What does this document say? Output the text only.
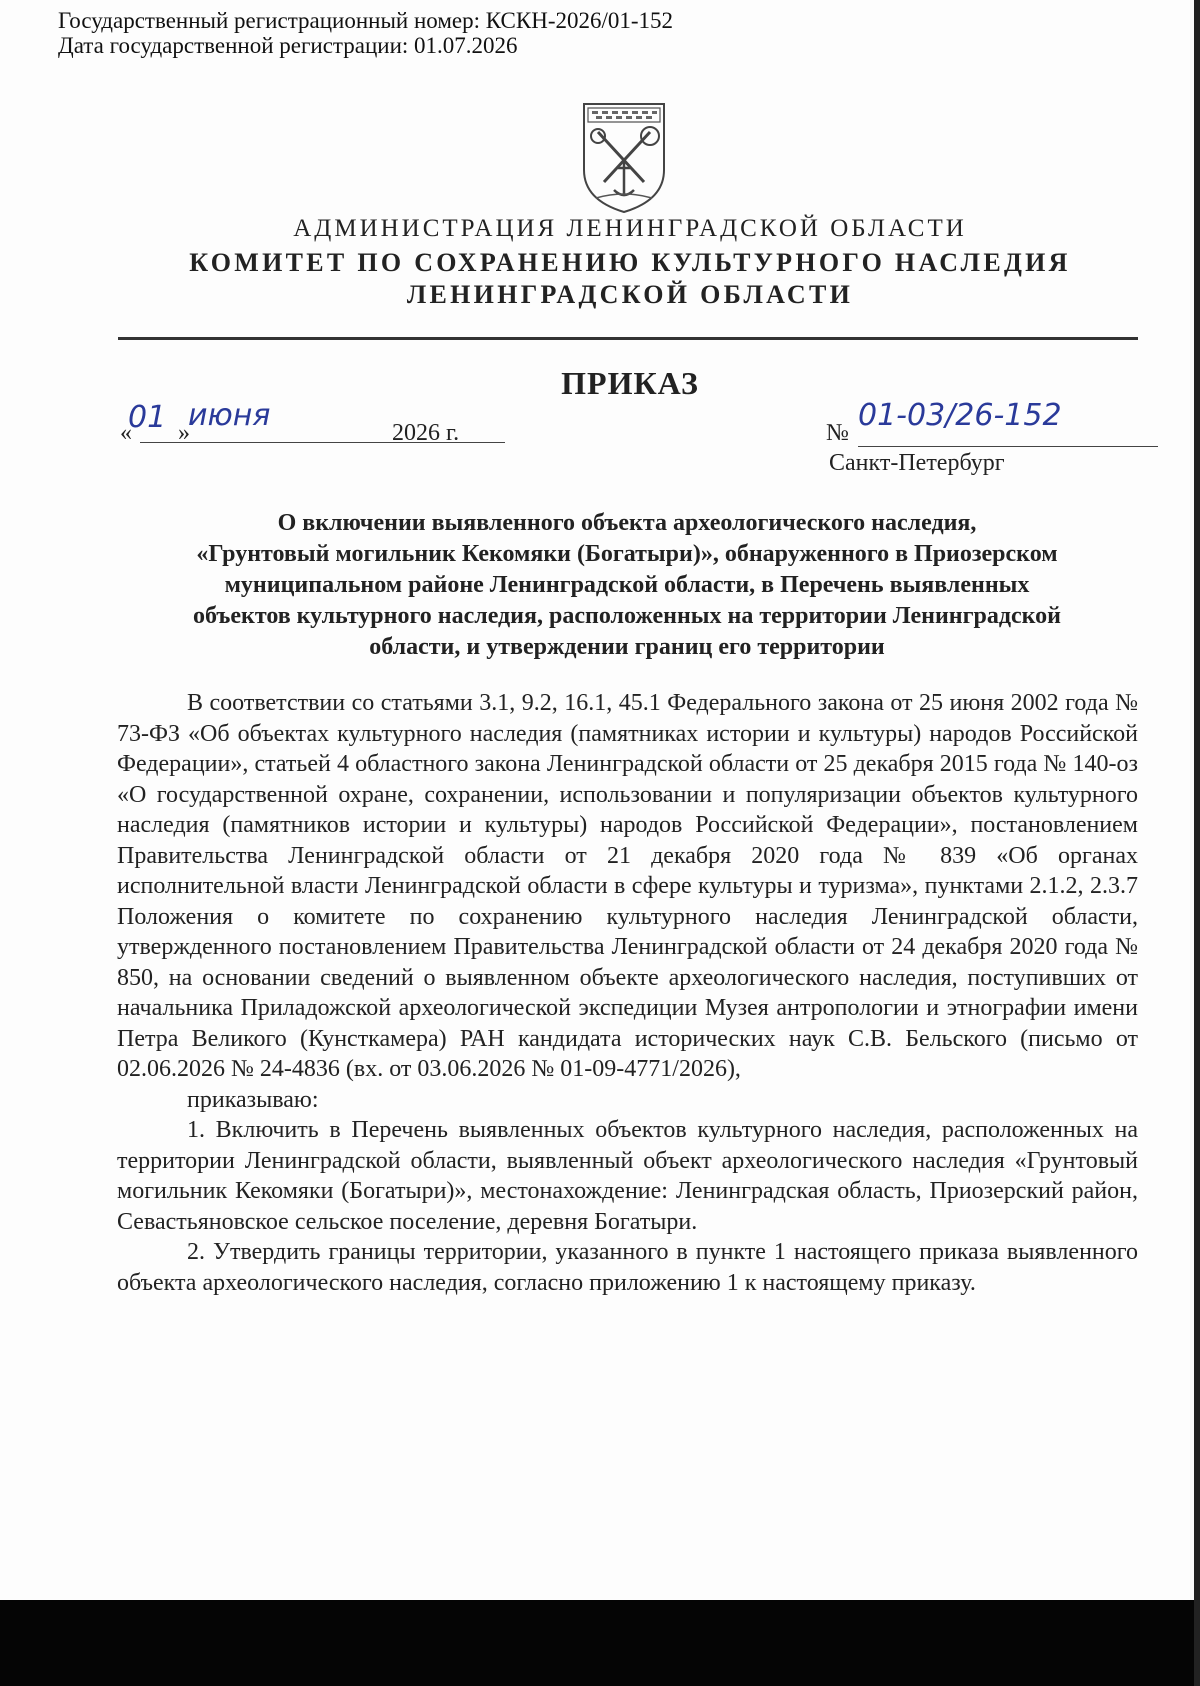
Государственный регистрационный номер: КСКН-2026/01-152
Дата государственной регистрации: 01.07.2026
АДМИНИСТРАЦИЯ ЛЕНИНГРАДСКОЙ ОБЛАСТИ
КОМИТЕТ ПО СОХРАНЕНИЮ КУЛЬТУРНОГО НАСЛЕДИЯ
ЛЕНИНГРАДСКОЙ ОБЛАСТИ
ПРИКАЗ
«
01 »
июня	2026 г.	№ 01-03/26-152
Санкт-Петербург
О включении выявленного объекта археологического наследия,
«Грунтовый могильник Кекомяки (Богатыри)», обнаруженного в Приозерском
муниципальном районе Ленинградской области, в Перечень выявленных
объектов культурного наследия, расположенных на территории Ленинградской
области, и утверждении границ его территории

В соответствии со статьями 3.1, 9.2, 16.1, 45.1 Федерального закона от 25 июня 2002 года № 73-ФЗ «Об объектах культурного наследия (памятниках истории и культуры) народов Российской Федерации», статьей 4 областного закона Ленинградской области от 25 декабря 2015 года № 140-оз «О государственной охране, сохранении, использовании и популяризации объектов культурного наследия (памятников истории и культуры) народов Российской Федерации», постановлением Правительства Ленинградской области от 21 декабря 2020 года № 839 «Об органах исполнительной власти Ленинградской области в сфере культуры и туризма», пунктами 2.1.2, 2.3.7 Положения о комитете по сохранению культурного наследия Ленинградской области, утвержденного постановлением Правительства Ленинградской области от 24 декабря 2020 года № 850, на основании сведений о выявленном объекте археологического наследия, поступивших от начальника Приладожской археологической экспедиции Музея антропологии и этнографии имени Петра Великого (Кунсткамера) РАН кандидата исторических наук С.В. Бельского (письмо от 02.06.2026 № 24-4836 (вх. от 03.06.2026 № 01-09-4771/2026),

приказываю:

1. Включить в Перечень выявленных объектов культурного наследия, расположенных на территории Ленинградской области, выявленный объект археологического наследия «Грунтовый могильник Кекомяки (Богатыри)», местонахождение: Ленинградская область, Приозерский район, Севастьяновское сельское поселение, деревня Богатыри.

2. Утвердить границы территории, указанного в пункте 1 настоящего приказа выявленного объекта археологического наследия, согласно приложению 1 к настоящему приказу.
